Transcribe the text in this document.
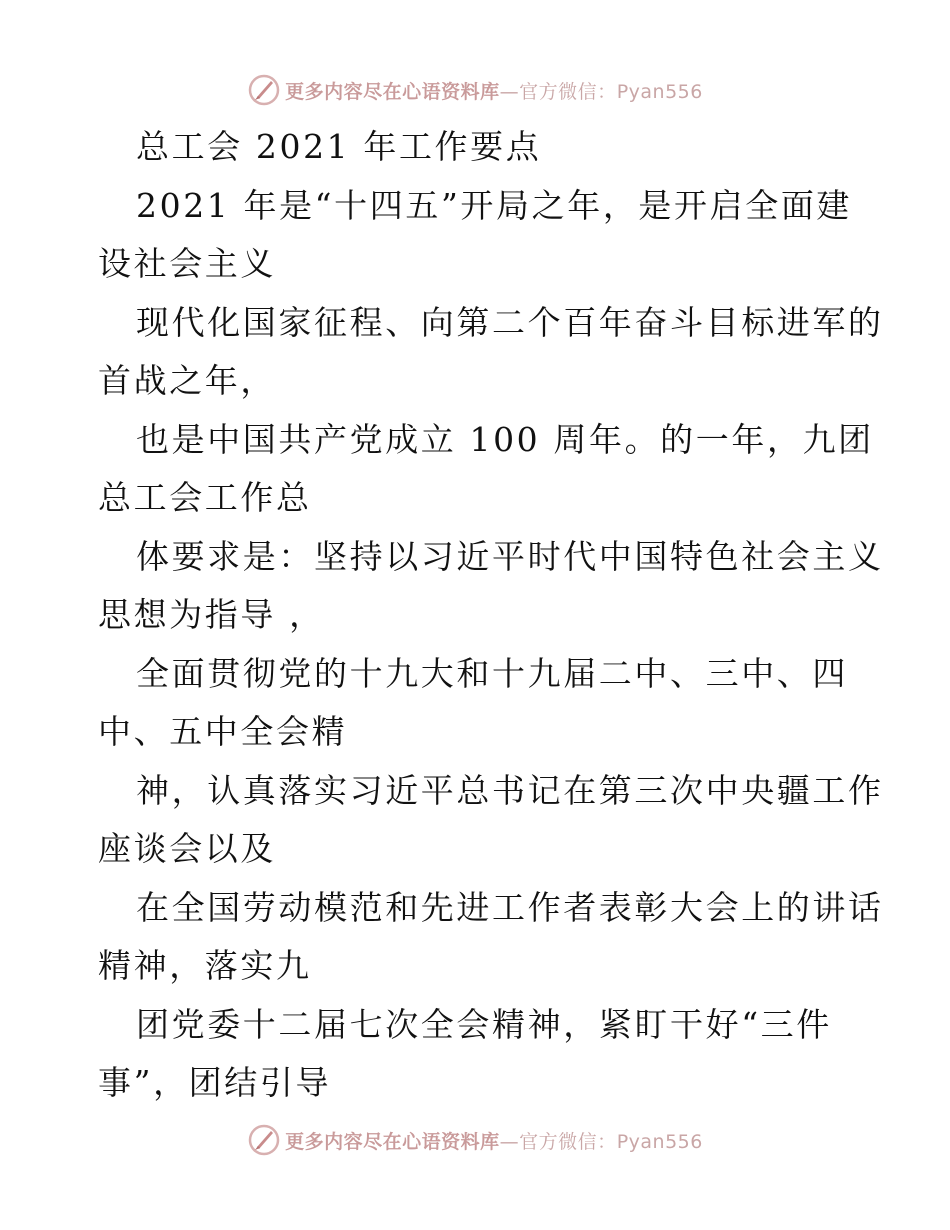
更多内容尽在心语资料库—官方微信：Pyan556
总工会 2021 年工作要点
2021 年是“十四五”开局之年，是开启全面建
设社会主义
现代化国家征程、向第二个百年奋斗目标进军的
首战之年，
也是中国共产党成立 100 周年。的一年，九团
总工会工作总
体要求是：坚持以习近平时代中国特色社会主义
思想为指导 ，
全面贯彻党的十九大和十九届二中、三中、四
中、五中全会精
神，认真落实习近平总书记在第三次中央疆工作
座谈会以及
在全国劳动模范和先进工作者表彰大会上的讲话
精神，落实九
团党委十二届七次全会精神，紧盯干好“三件
事”，团结引导
更多内容尽在心语资料库—官方微信：Pyan556
